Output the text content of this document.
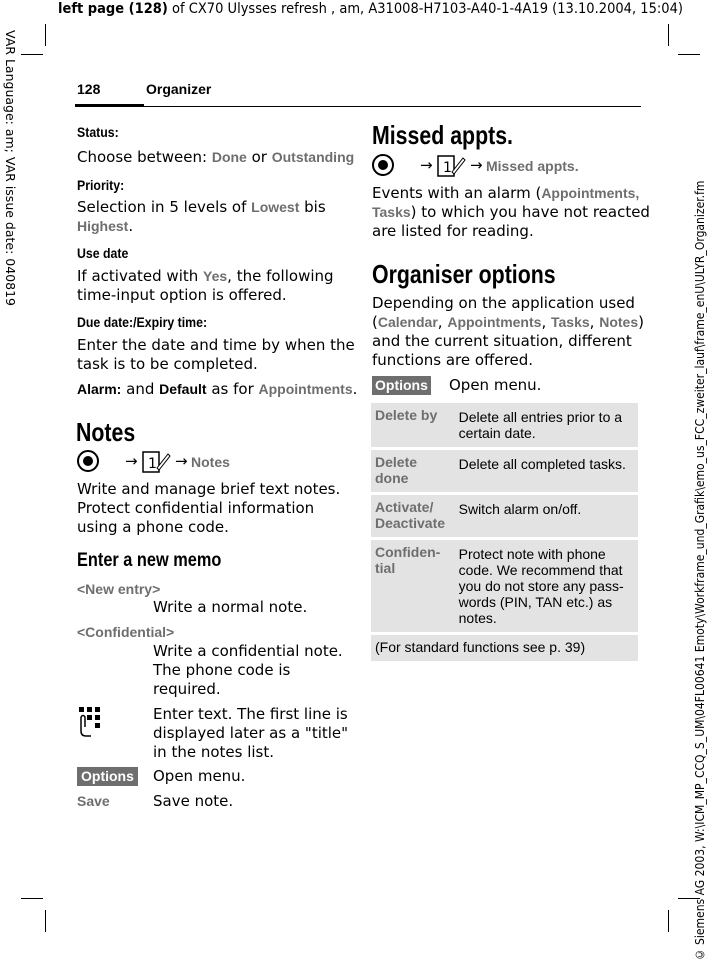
left page (128) of CX70 Ulysses refresh , am, A31008-H7103-A40-1-4A19 (13.10.2004, 15:04)
VAR Language: am; VAR issue date: 040819
© Siemens AG 2003, W:\ICM_MP_CCQ_S_UM\04FL00641 Emoty\Workframe_und_Grafik\emo_us_FCC_zweiter_lauf\frame_enU\ULYR_Organizer.fm
128	Organizer
Status:
Choose between: Done or Outstanding
Priority:
Selection in 5 levels of Lowest bis
Highest.
Use date
If activated with Yes, the following
time-input option is offered.
Due date:/Expiry time:
Enter the date and time by when the
task is to be completed.
Alarm: and Default as for Appointments.
Notes
→ 1 → Notes
Write and manage brief text notes.
Protect confidential information
using a phone code.
Enter a new memo
<New entry>
Write a normal note.
<Confidential>
Write a confidential note.
The phone code is
required.
Enter text. The first line is
displayed later as a "title"
in the notes list.
Options Open menu.
Save	Save note.
Missed appts.
→ 1 → Missed appts.
Events with an alarm (Appointments,
Tasks) to which you have not reacted
are listed for reading.
Organiser options
Depending on the application used
(Calendar, Appointments, Tasks, Notes)
and the current situation, different
functions are offered.
Options Open menu.
Delete by	Delete all entries prior to a certain date.
Delete
done	Delete all completed tasks.
Activate/
Deactivate	Switch alarm on/off.
Confiden-
tial	Protect note with phone
code. We recommend that
you do not store any pass-
words (PIN, TAN etc.) as
notes.
(For standard functions see p. 39)	
